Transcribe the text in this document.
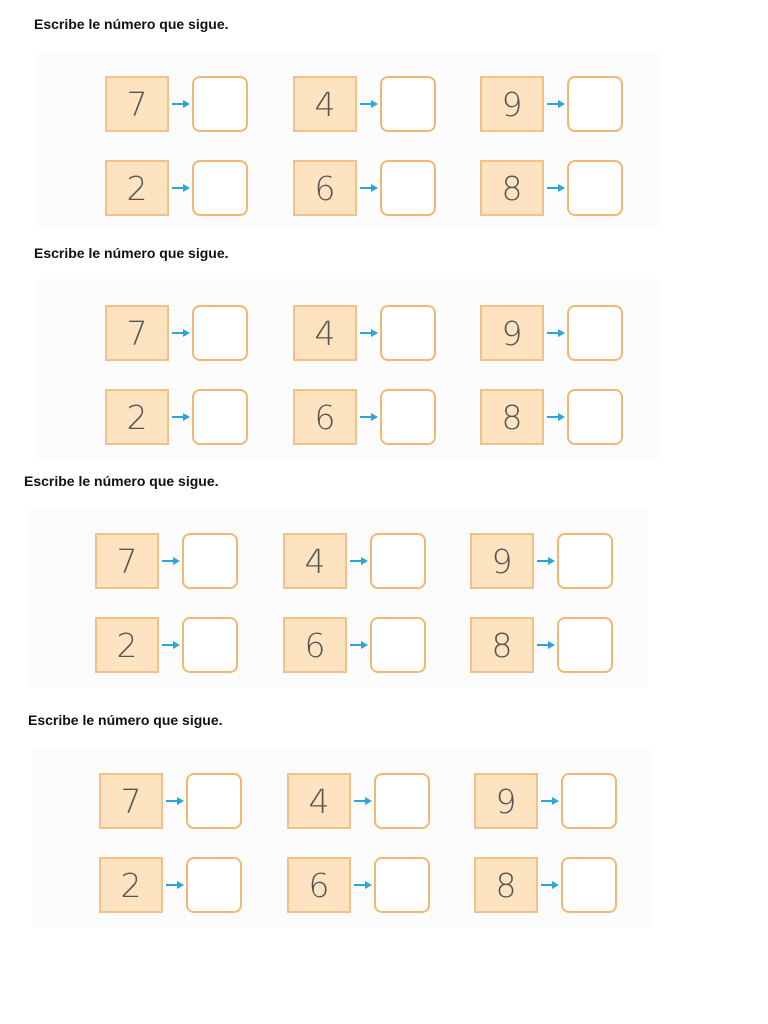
Escribe le número que sigue.
7	4	9
2	6	8
Escribe le número que sigue.
7	4	9
2	6	8
Escribe le número que sigue.
7	4	9
2	6	8
Escribe le número que sigue.
7	4	9
2	6	8
